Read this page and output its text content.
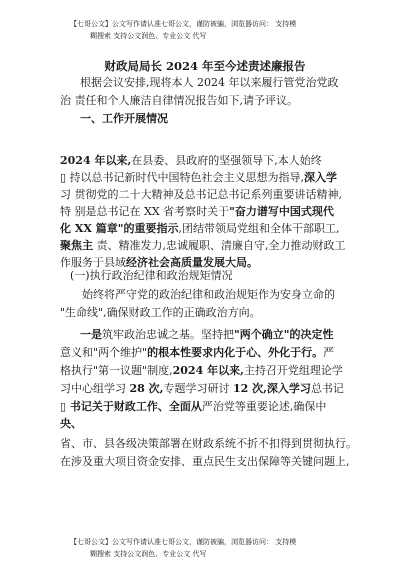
【七哥公文】公文写作请认准七哥公文，谨防被骗，浏览器访问： 支持模
糊搜索 支持公文润色、专业公文 代写
财政局局长 2024 年至今述责述廉报告
根据会议安排,现将本人 2024 年以来履行管党治党政
治 责任和个人廉洁自律情况报告如下,请予评议。
一、工作开展情况
2024 年以来,在县委、县政府的坚强领导下,本人始终
▯ 持以总书记新时代中国特色社会主义思想为指导,深入学
习 贯彻党的二十大精神及总书记总书记系列重要讲话精神,
特 别是总书记在 XX 省考察时关于"奋力谱写中国式现代
化 XX 篇章"的重要指示,团结带领局党组和全体干部职工,
聚焦主 责、精准发力,忠诚履职、清廉自守,全力推动财政工
作服务于县域经济社会高质量发展大局。
(一)执行政治纪律和政治规矩情况
始终将严守党的政治纪律和政治规矩作为安身立命的
"生命线",确保财政工作的正确政治方向。
一是筑牢政治忠诚之基。坚持把"两个确立"的决定性
意义和"两个维护"的根本性要求内化于心、外化于行。严
格执行"第一议题"制度,2024 年以来,主持召开党组理论学
习中心组学习 28 次,专题学习研讨 12 次,深入学习总书记
▯ 书记关于财政工作、全面从严治党等重要论述,确保中
央、
省、市、县各级决策部署在财政系统不折不扣得到贯彻执行。
在涉及重大项目资金安排、重点民生支出保障等关键问题上,
【七哥公文】公文写作请认准七哥公文，谨防被骗，浏览器访问： 支持模
糊搜索 支持公文润色、专业公文 代写
